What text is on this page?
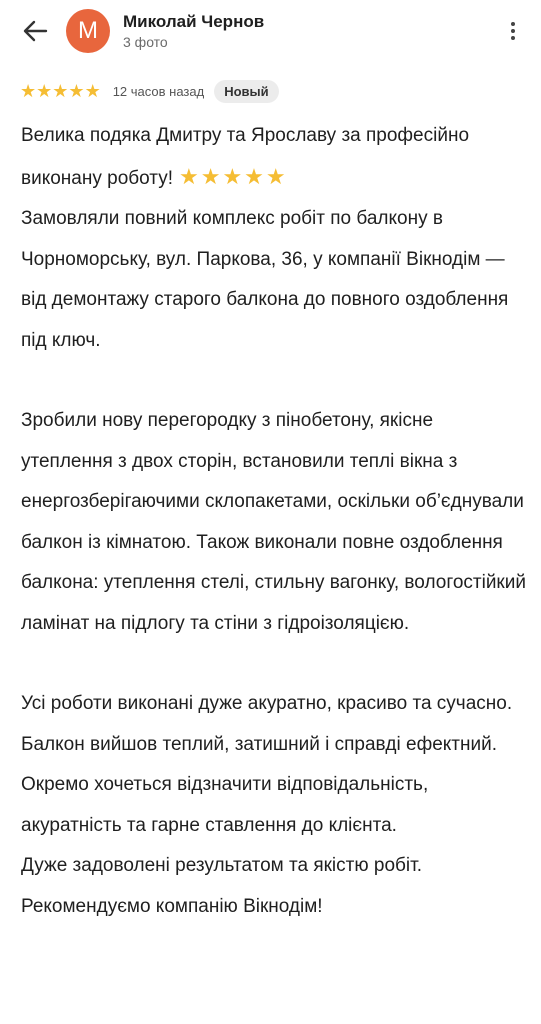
М	Миколай Чернов
3 фото
★ ★ ★ ★ ★ 12 часов назад	Новый

Велика подяка Дмитру та Ярославу за професійно виконану роботу! ★★★★★

Замовляли повний комплекс робіт по балкону в Чорноморську, вул. Паркова, 36, у компанії Вікнодім — від демонтажу старого балкона до повного оздоблення під ключ.

Зробили нову перегородку з пінобетону, якісне утеплення з двох сторін, встановили теплі вікна з енергозберігаючими склопакетами, оскільки об’єднували балкон із кімнатою. Також виконали повне оздоблення балкона: утеплення стелі, стильну вагонку, вологостійкий ламінат на підлогу та стіни з гідроізоляцією.

Усі роботи виконані дуже акуратно, красиво та сучасно. Балкон вийшов теплий, затишний і справді ефектний. Окремо хочеться відзначити відповідальність, акуратність та гарне ставлення до клієнта.

Дуже задоволені результатом та якістю робіт. Рекомендуємо компанію Вікнодім!
